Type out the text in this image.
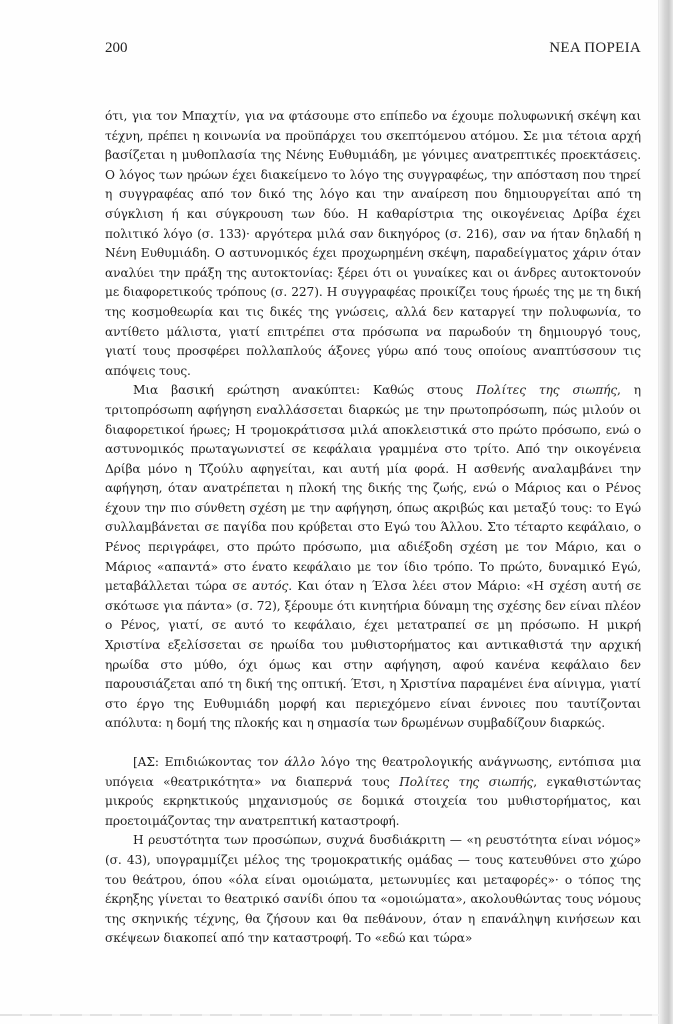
200	ΝΕΑ ΠΟΡΕΙΑ

ότι, για τον Μπαχτίν, για να φτάσουμε στο επίπεδο να έχουμε πολυφωνική σκέψη και τέχνη, πρέπει η κοινωνία να προϋπάρχει του σκεπτόμενου ατόμου. Σε μια τέτοια αρχή βασίζεται η μυθοπλασία της Νένης Ευθυμιάδη, με γόνιμες ανατρεπτικές προεκτάσεις. Ο λόγος των ηρώων έχει διακείμενο το λόγο της συγγραφέως, την απόσταση που τηρεί η συγγραφέας από τον δικό της λόγο και την αναίρεση που δημιουργείται από τη σύγκλιση ή και σύγκρουση των δύο. Η καθαρίστρια της οικογένειας Δρίβα έχει πολιτικό λόγο (σ. 133)· αργότερα μιλά σαν δικηγόρος (σ. 216), σαν να ήταν δηλαδή η Νένη Ευθυμιάδη. Ο αστυνομικός έχει προχωρημένη σκέψη, παραδείγματος χάριν όταν αναλύει την πράξη της αυτοκτονίας: ξέρει ότι οι γυναίκες και οι άνδρες αυτοκτονούν με διαφορετικούς τρόπους (σ. 227). Η συγγραφέας προικίζει τους ήρωές της με τη δική της κοσμοθεωρία και τις δικές της γνώσεις, αλλά δεν καταργεί την πολυφωνία, το αντίθετο μάλιστα, γιατί επιτρέπει στα πρόσωπα να παρωδούν τη δημιουργό τους, γιατί τους προσφέρει πολλαπλούς άξονες γύρω από τους οποίους αναπτύσσουν τις απόψεις τους.

Μια βασική ερώτηση ανακύπτει: Καθώς στους Πολίτες της σιωπής, η τριτοπρόσωπη αφήγηση εναλλάσσεται διαρκώς με την πρωτοπρόσωπη, πώς μιλούν οι διαφορετικοί ήρωες; Η τρομοκράτισσα μιλά αποκλειστικά στο πρώτο πρόσωπο, ενώ ο αστυνομικός πρωταγωνιστεί σε κεφάλαια γραμμένα στο τρίτο. Από την οικογένεια Δρίβα μόνο η Τζούλυ αφηγείται, και αυτή μία φορά. Η ασθενής αναλαμβάνει την αφήγηση, όταν ανατρέπεται η πλοκή της δικής της ζωής, ενώ ο Μάριος και ο Ρένος έχουν την πιο σύνθετη σχέση με την αφήγηση, όπως ακριβώς και μεταξύ τους: το Εγώ συλλαμβάνεται σε παγίδα που κρύβεται στο Εγώ του Άλλου. Στο τέταρτο κεφάλαιο, ο Ρένος περιγράφει, στο πρώτο πρόσωπο, μια αδιέξοδη σχέση με τον Μάριο, και ο Μάριος «απαντά» στο ένατο κεφάλαιο με τον ίδιο τρόπο. Το πρώτο, δυναμικό Εγώ, μεταβάλλεται τώρα σε αυτός. Και όταν η Έλσα λέει στον Μάριο: «Η σχέση αυτή σε σκότωσε για πάντα» (σ. 72), ξέρουμε ότι κινητήρια δύναμη της σχέσης δεν είναι πλέον ο Ρένος, γιατί, σε αυτό το κεφάλαιο, έχει μετατραπεί σε μη πρόσωπο. Η μικρή Χριστίνα εξελίσσεται σε ηρωίδα του μυθιστορήματος και αντικαθιστά την αρχική ηρωίδα στο μύθο, όχι όμως και στην αφήγηση, αφού κανένα κεφάλαιο δεν παρουσιάζεται από τη δική της οπτική. Έτσι, η Χριστίνα παραμένει ένα αίνιγμα, γιατί στο έργο της Ευθυμιάδη μορφή και περιεχόμενο είναι έννοιες που ταυτίζονται απόλυτα: η δομή της πλοκής και η σημασία των δρωμένων συμβαδίζουν διαρκώς.

[ΑΣ: Επιδιώκοντας τον άλλο λόγο της θεατρολογικής ανάγνωσης, εντόπισα μια υπόγεια «θεατρικότητα» να διαπερνά τους Πολίτες της σιωπής, εγκαθιστώντας μικρούς εκρηκτικούς μηχανισμούς σε δομικά στοιχεία του μυθιστορήματος, και προετοιμάζοντας την ανατρεπτική καταστροφή.

Η ρευστότητα των προσώπων, συχνά δυσδιάκριτη — «η ρευστότητα είναι νόμος» (σ. 43), υπογραμμίζει μέλος της τρομοκρατικής ομάδας — τους κατευθύνει στο χώρο του θεάτρου, όπου «όλα είναι ομοιώματα, μετωνυμίες και μεταφορές»· ο τόπος της έκρηξης γίνεται το θεατρικό σανίδι όπου τα «ομοιώματα», ακολουθώντας τους νόμους της σκηνικής τέχνης, θα ζήσουν και θα πεθάνουν, όταν η επανάληψη κινήσεων και σκέψεων διακοπεί από την καταστροφή. Το «εδώ και τώρα»
